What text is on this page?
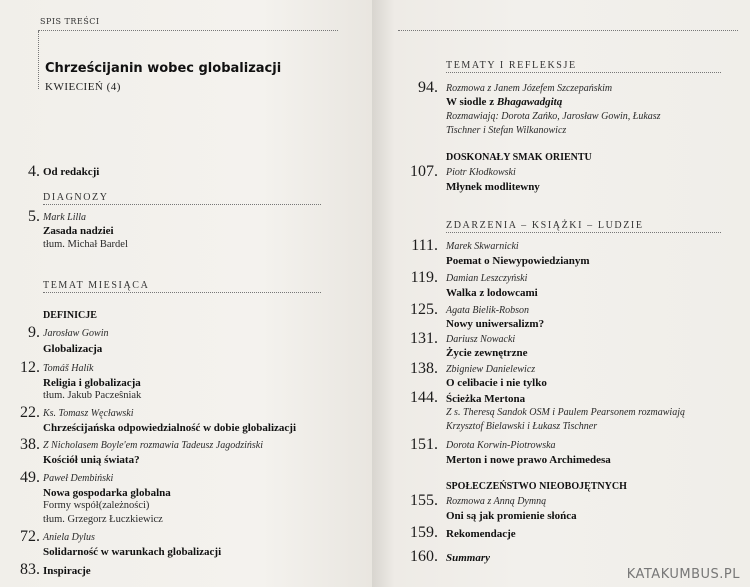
SPIS TREŚCI
Chrześcijanin wobec globalizacji
KWIECIEŃ (4)
4. Od redakcji
DIAGNOZY
5. Mark Lilla
Zasada nadziei
tłum. Michał Bardel
TEMAT MIESIĄCA
DEFINICJE
9. Jarosław Gowin
Globalizacja
12. Tomáš Halík
Religia i globalizacja
tłum. Jakub Paczeŝniak
22. Ks. Tomasz Węcławski
Chrześcijańska odpowiedzialność w dobie globalizacji
38. Z Nicholasem Boyle'em rozmawia Tadeusz Jagodziński
Kościół unią świata?
49. Paweł Dembiński
Nowa gospodarka globalna
Formy współ(zależności)
tłum. Grzegorz Łuczkiewicz
72. Aniela Dylus
Solidarność w warunkach globalizacji
83. Inspiracje
TEMATY I REFLEKSJE
94. Rozmowa z Janem Józefem Szczepańskim
W siodle z Bhagawadgitą
Rozmawiają: Dorota Zańko, Jarosław Gowin, Łukasz
Tischner i Stefan Wilkanowicz
DOSKONAŁY SMAK ORIENTU
107. Piotr Kłodkowski
Młynek modlitewny
ZDARZENIA – KSIĄŻKI – LUDZIE
111. Marek Skwarnicki
Poemat o Niewypowiedzianym
119. Damian Leszczyński
Walka z lodowcami
125. Agata Bielik-Robson
Nowy uniwersalizm?
131. Dariusz Nowacki
Życie zewnętrzne
138. Zbigniew Danielewicz
O celibacie i nie tylko
144. Ścieżka Mertona
Z s. Theresą Sandok OSM i Paulem Pearsonem rozmawiają
Krzysztof Bielawski i Łukasz Tischner
151. Dorota Korwin-Piotrowska
Merton i nowe prawo Archimedesa
SPOŁECZEŃSTWO NIEOBOJĘTNYCH
155. Rozmowa z Anną Dymną
Oni są jak promienie słońca
159. Rekomendacje
160. Summary
KATAKUMBUS.PL
